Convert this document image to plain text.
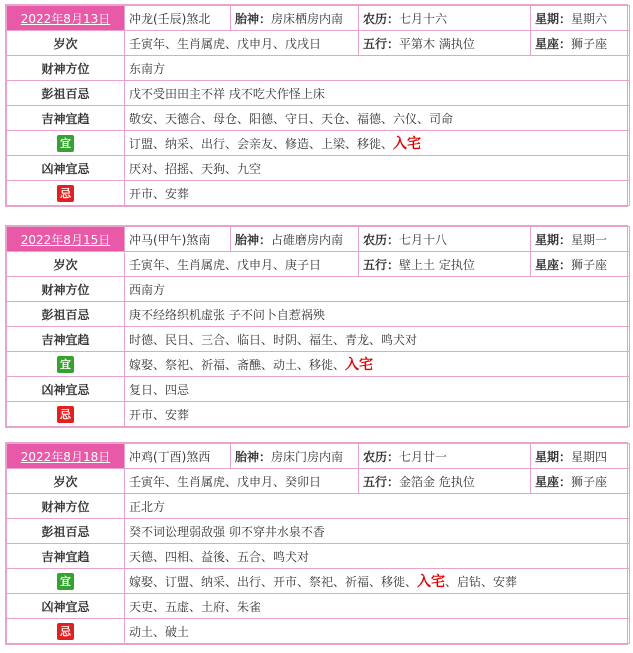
2022年8月13日	冲龙(壬辰)煞北	胎神：房床栖房内南	农历：七月十六	星期：星期六
岁次	壬寅年、生肖属虎、戊申月、戊戌日		五行：平第木 满执位	星座：狮子座
财神方位	东南方			
彭祖百忌	戊不受田田主不祥 戌不吃犬作怪上床			
吉神宜趋	敬安、天德合、母仓、阳德、守日、天仓、福德、六仪、司命			
宜	订盟、纳采、出行、会亲友、修造、上梁、移徙、入宅			
凶神宜忌	厌对、招摇、天狗、九空			
忌	开市、安葬			
2022年8月15日	冲马(甲午)煞南	胎神：占碓磨房内南	农历：七月十八	星期：星期一
岁次	壬寅年、生肖属虎、戊申月、庚子日		五行：壁上土 定执位	星座：狮子座
财神方位	西南方			
彭祖百忌	庚不经络织机虚张 子不问卜自惹祸殃			
吉神宜趋	时德、民日、三合、临日、时阴、福生、青龙、鸣犬对			
宜	嫁娶、祭祀、祈福、斋醮、动土、移徙、入宅			
凶神宜忌	复日、四忌			
忌	开市、安葬			
2022年8月18日	冲鸡(丁酉)煞西	胎神：房床门房内南	农历：七月廿一	星期：星期四
岁次	壬寅年、生肖属虎、戊申月、癸卯日		五行：金箔金 危执位	星座：狮子座
财神方位	正北方			
彭祖百忌	癸不词讼理弱敌强 卯不穿井水泉不香			
吉神宜趋	天德、四相、益後、五合、鸣犬对			
宜	嫁娶、订盟、纳采、出行、开市、祭祀、祈福、移徙、入宅、启钻、安葬			
凶神宜忌	天吏、五虚、土府、朱雀			
忌	动土、破土			
